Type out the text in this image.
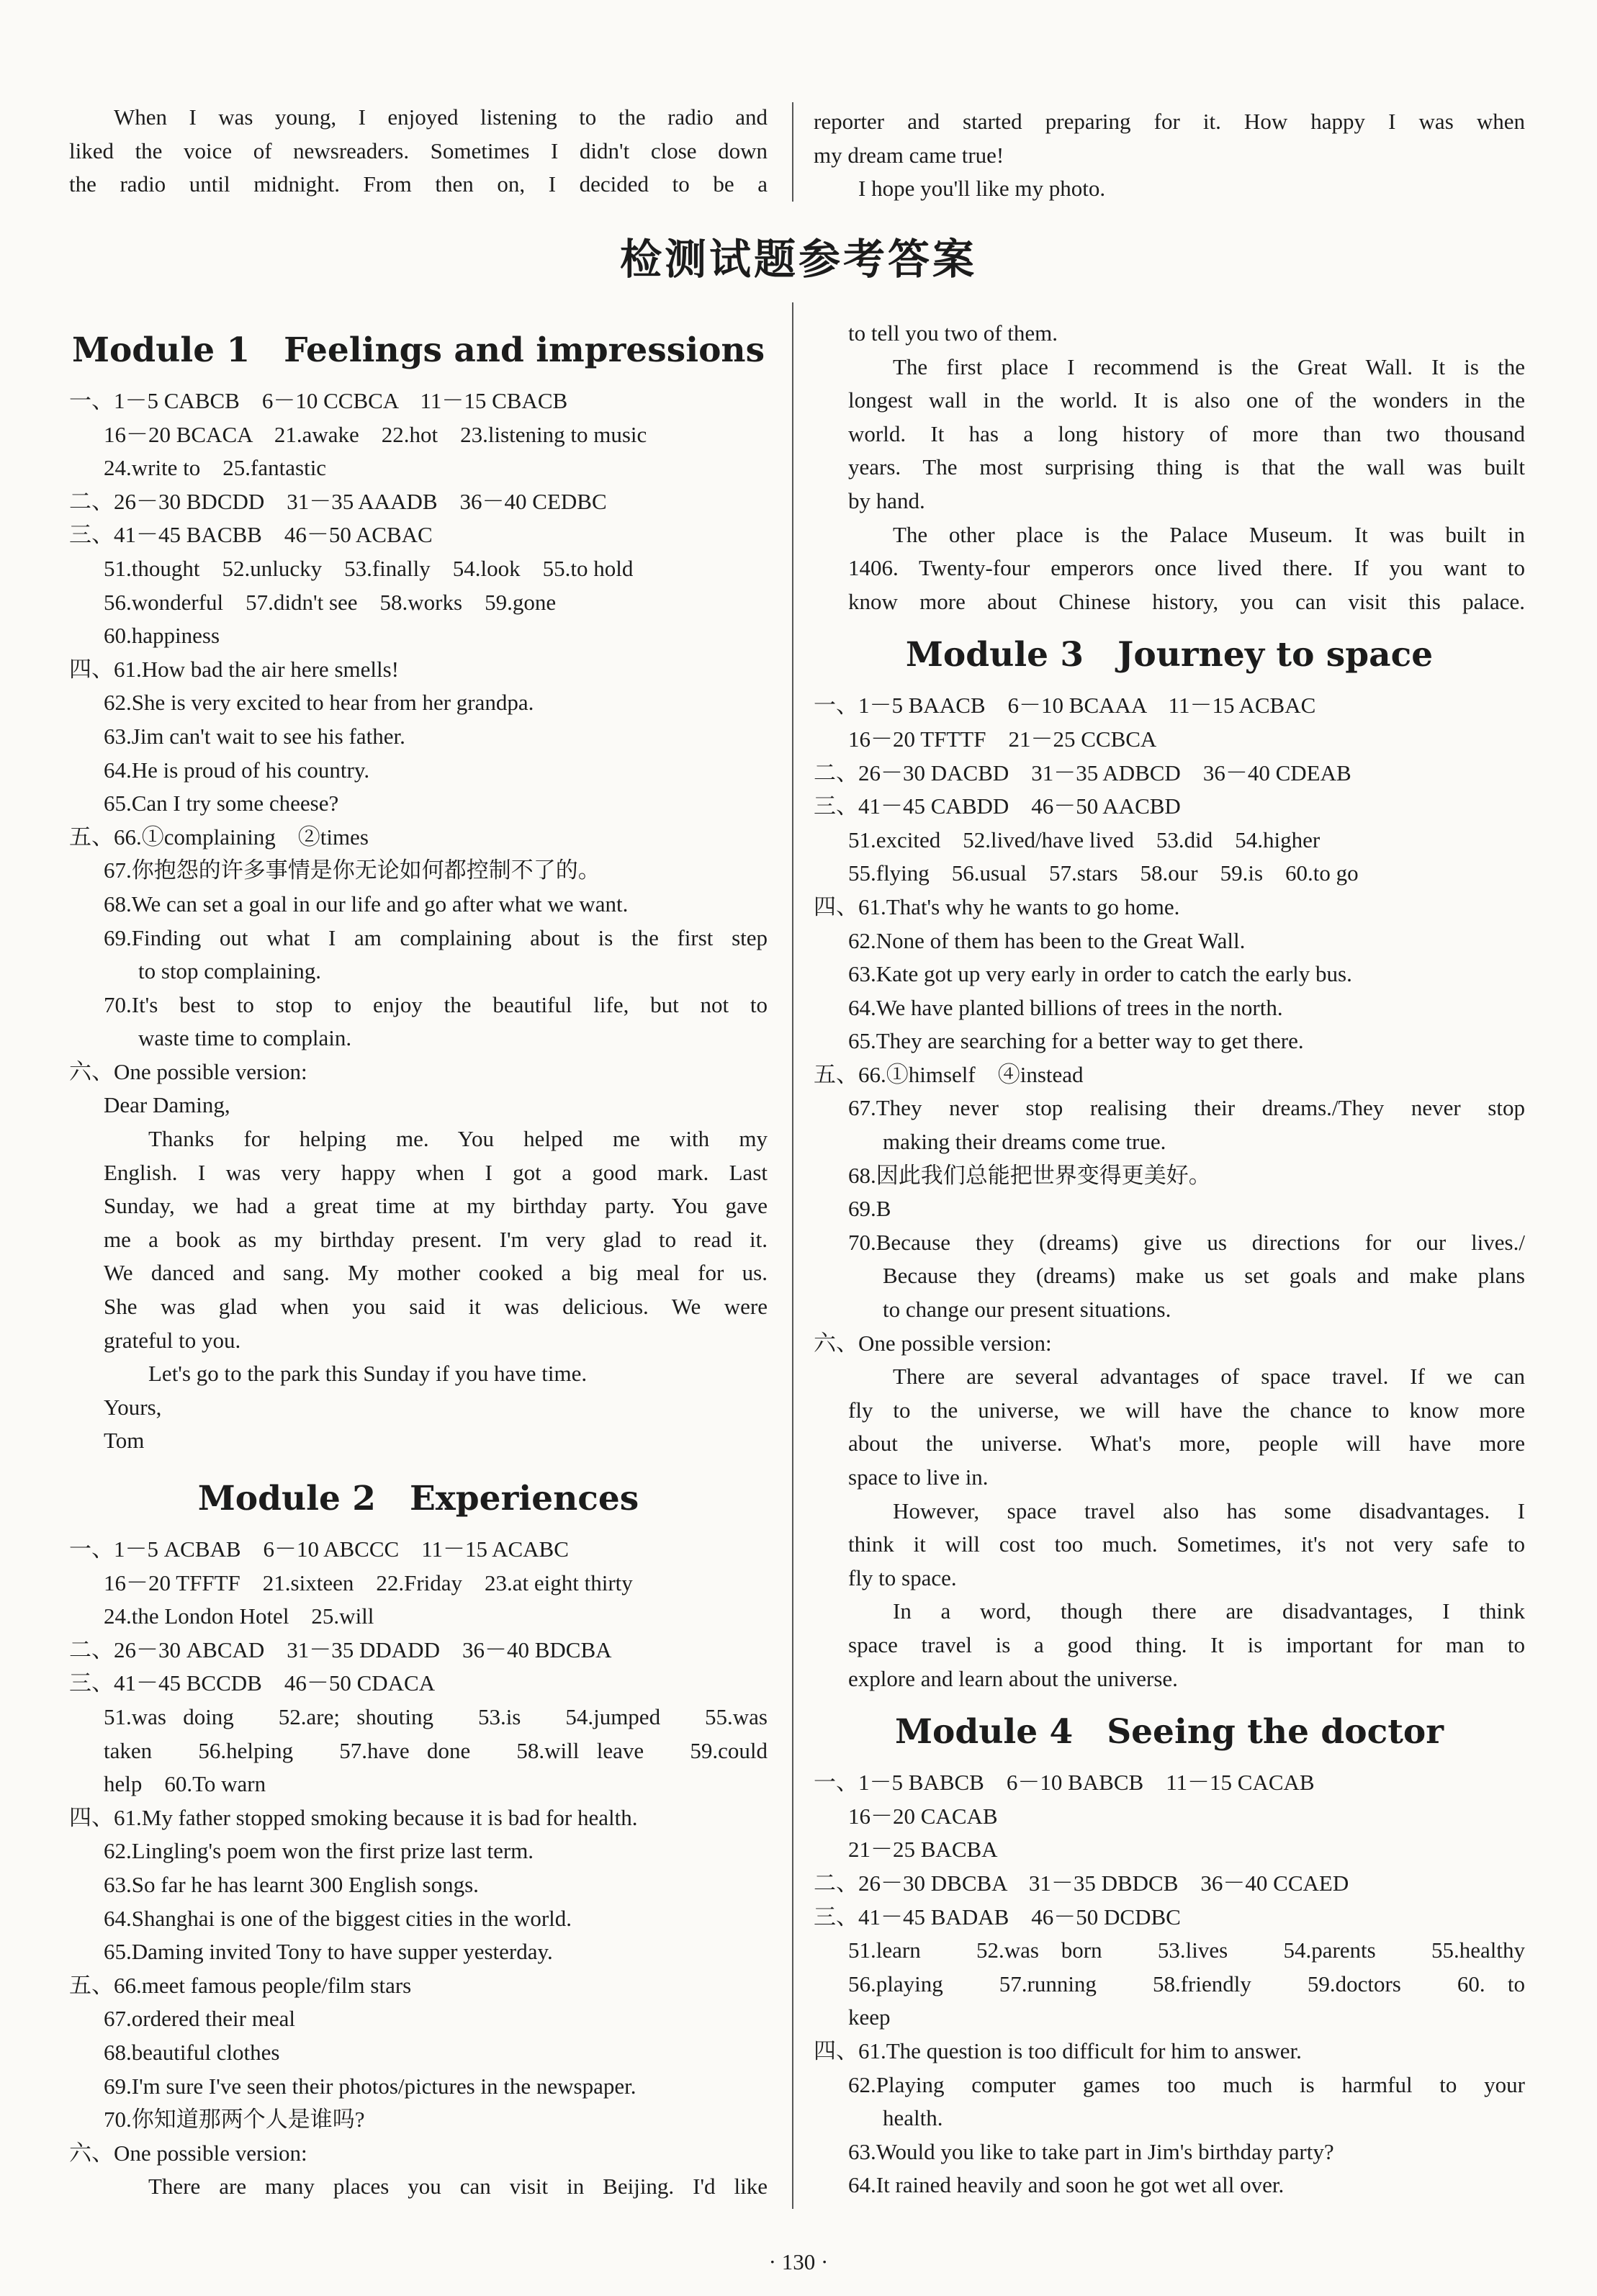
When I was young, I enjoyed listening to the radio and

liked the voice of newsreaders. Sometimes I didn't close down

the radio until midnight. From then on, I decided to be a

reporter and started preparing for it. How happy I was when

my dream came true!

I hope you'll like my photo.

检测试题参考答案
Module 1　Feelings and impressions

一、1－5 CABCB　6－10 CCBCA　11－15 CBACB

16－20 BCACA　21.awake　22.hot　23.listening to music

24.write to　25.fantastic

二、26－30 BDCDD　31－35 AAADB　36－40 CEDBC

三、41－45 BACBB　46－50 ACBAC

51.thought　52.unlucky　53.finally　54.look　55.to hold

56.wonderful　57.didn't see　58.works　59.gone

60.happiness

四、61.How bad the air here smells!

62.She is very excited to hear from her grandpa.

63.Jim can't wait to see his father.

64.He is proud of his country.

65.Can I try some cheese?

五、66.①complaining　②times

67.你抱怨的许多事情是你无论如何都控制不了的。

68.We can set a goal in our life and go after what we want.

69.Finding out what I am complaining about is the first step

to stop complaining.

70.It's best to stop to enjoy the beautiful life, but not to

waste time to complain.

六、One possible version:

Dear Daming,

Thanks for helping me. You helped me with my

English. I was very happy when I got a good mark. Last

Sunday, we had a great time at my birthday party. You gave

me a book as my birthday present. I'm very glad to read it.

We danced and sang. My mother cooked a big meal for us.

She was glad when you said it was delicious. We were

grateful to you.

Let's go to the park this Sunday if you have time.

Yours,

Tom

Module 2　Experiences

一、1－5 ACBAB　6－10 ABCCC　11－15 ACABC

16－20 TFFTF　21.sixteen　22.Friday　23.at eight thirty

24.the London Hotel　25.will

二、26－30 ABCAD　31－35 DDADD　36－40 BDCBA

三、41－45 BCCDB　46－50 CDACA

51.was doing　52.are; shouting　53.is　54.jumped　55.was

taken　56.helping　57.have done　58.will leave　59.could

help　60.To warn

四、61.My father stopped smoking because it is bad for health.

62.Lingling's poem won the first prize last term.

63.So far he has learnt 300 English songs.

64.Shanghai is one of the biggest cities in the world.

65.Daming invited Tony to have supper yesterday.

五、66.meet famous people/film stars

67.ordered their meal

68.beautiful clothes

69.I'm sure I've seen their photos/pictures in the newspaper.

70.你知道那两个人是谁吗?

六、One possible version:

There are many places you can visit in Beijing. I'd like

to tell you two of them.

The first place I recommend is the Great Wall. It is the

longest wall in the world. It is also one of the wonders in the

world. It has a long history of more than two thousand

years. The most surprising thing is that the wall was built

by hand.

The other place is the Palace Museum. It was built in

1406. Twenty-four emperors once lived there. If you want to

know more about Chinese history, you can visit this palace.

Module 3　Journey to space

一、1－5 BAACB　6－10 BCAAA　11－15 ACBAC

16－20 TFTTF　21－25 CCBCA

二、26－30 DACBD　31－35 ADBCD　36－40 CDEAB

三、41－45 CABDD　46－50 AACBD

51.excited　52.lived/have lived　53.did　54.higher

55.flying　56.usual　57.stars　58.our　59.is　60.to go

四、61.That's why he wants to go home.

62.None of them has been to the Great Wall.

63.Kate got up very early in order to catch the early bus.

64.We have planted billions of trees in the north.

65.They are searching for a better way to get there.

五、66.①himself　④instead

67.They never stop realising their dreams./They never stop

making their dreams come true.

68.因此我们总能把世界变得更美好。

69.B

70.Because they (dreams) give us directions for our lives./

Because they (dreams) make us set goals and make plans

to change our present situations.

六、One possible version:

There are several advantages of space travel. If we can

fly to the universe, we will have the chance to know more

about the universe. What's more, people will have more

space to live in.

However, space travel also has some disadvantages. I

think it will cost too much. Sometimes, it's not very safe to

fly to space.

In a word, though there are disadvantages, I think

space travel is a good thing. It is important for man to

explore and learn about the universe.

Module 4　Seeing the doctor

一、1－5 BABCB　6－10 BABCB　11－15 CACAB

16－20 CACAB

21－25 BACBA

二、26－30 DBCBA　31－35 DBDCB　36－40 CCAED

三、41－45 BADAB　46－50 DCDBC

51.learn　52.was born　53.lives　54.parents　55.healthy

56.playing　57.running　58.friendly　59.doctors　60. to

keep

四、61.The question is too difficult for him to answer.

62.Playing computer games too much is harmful to your

health.

63.Would you like to take part in Jim's birthday party?

64.It rained heavily and soon he got wet all over.

· 130 ·
